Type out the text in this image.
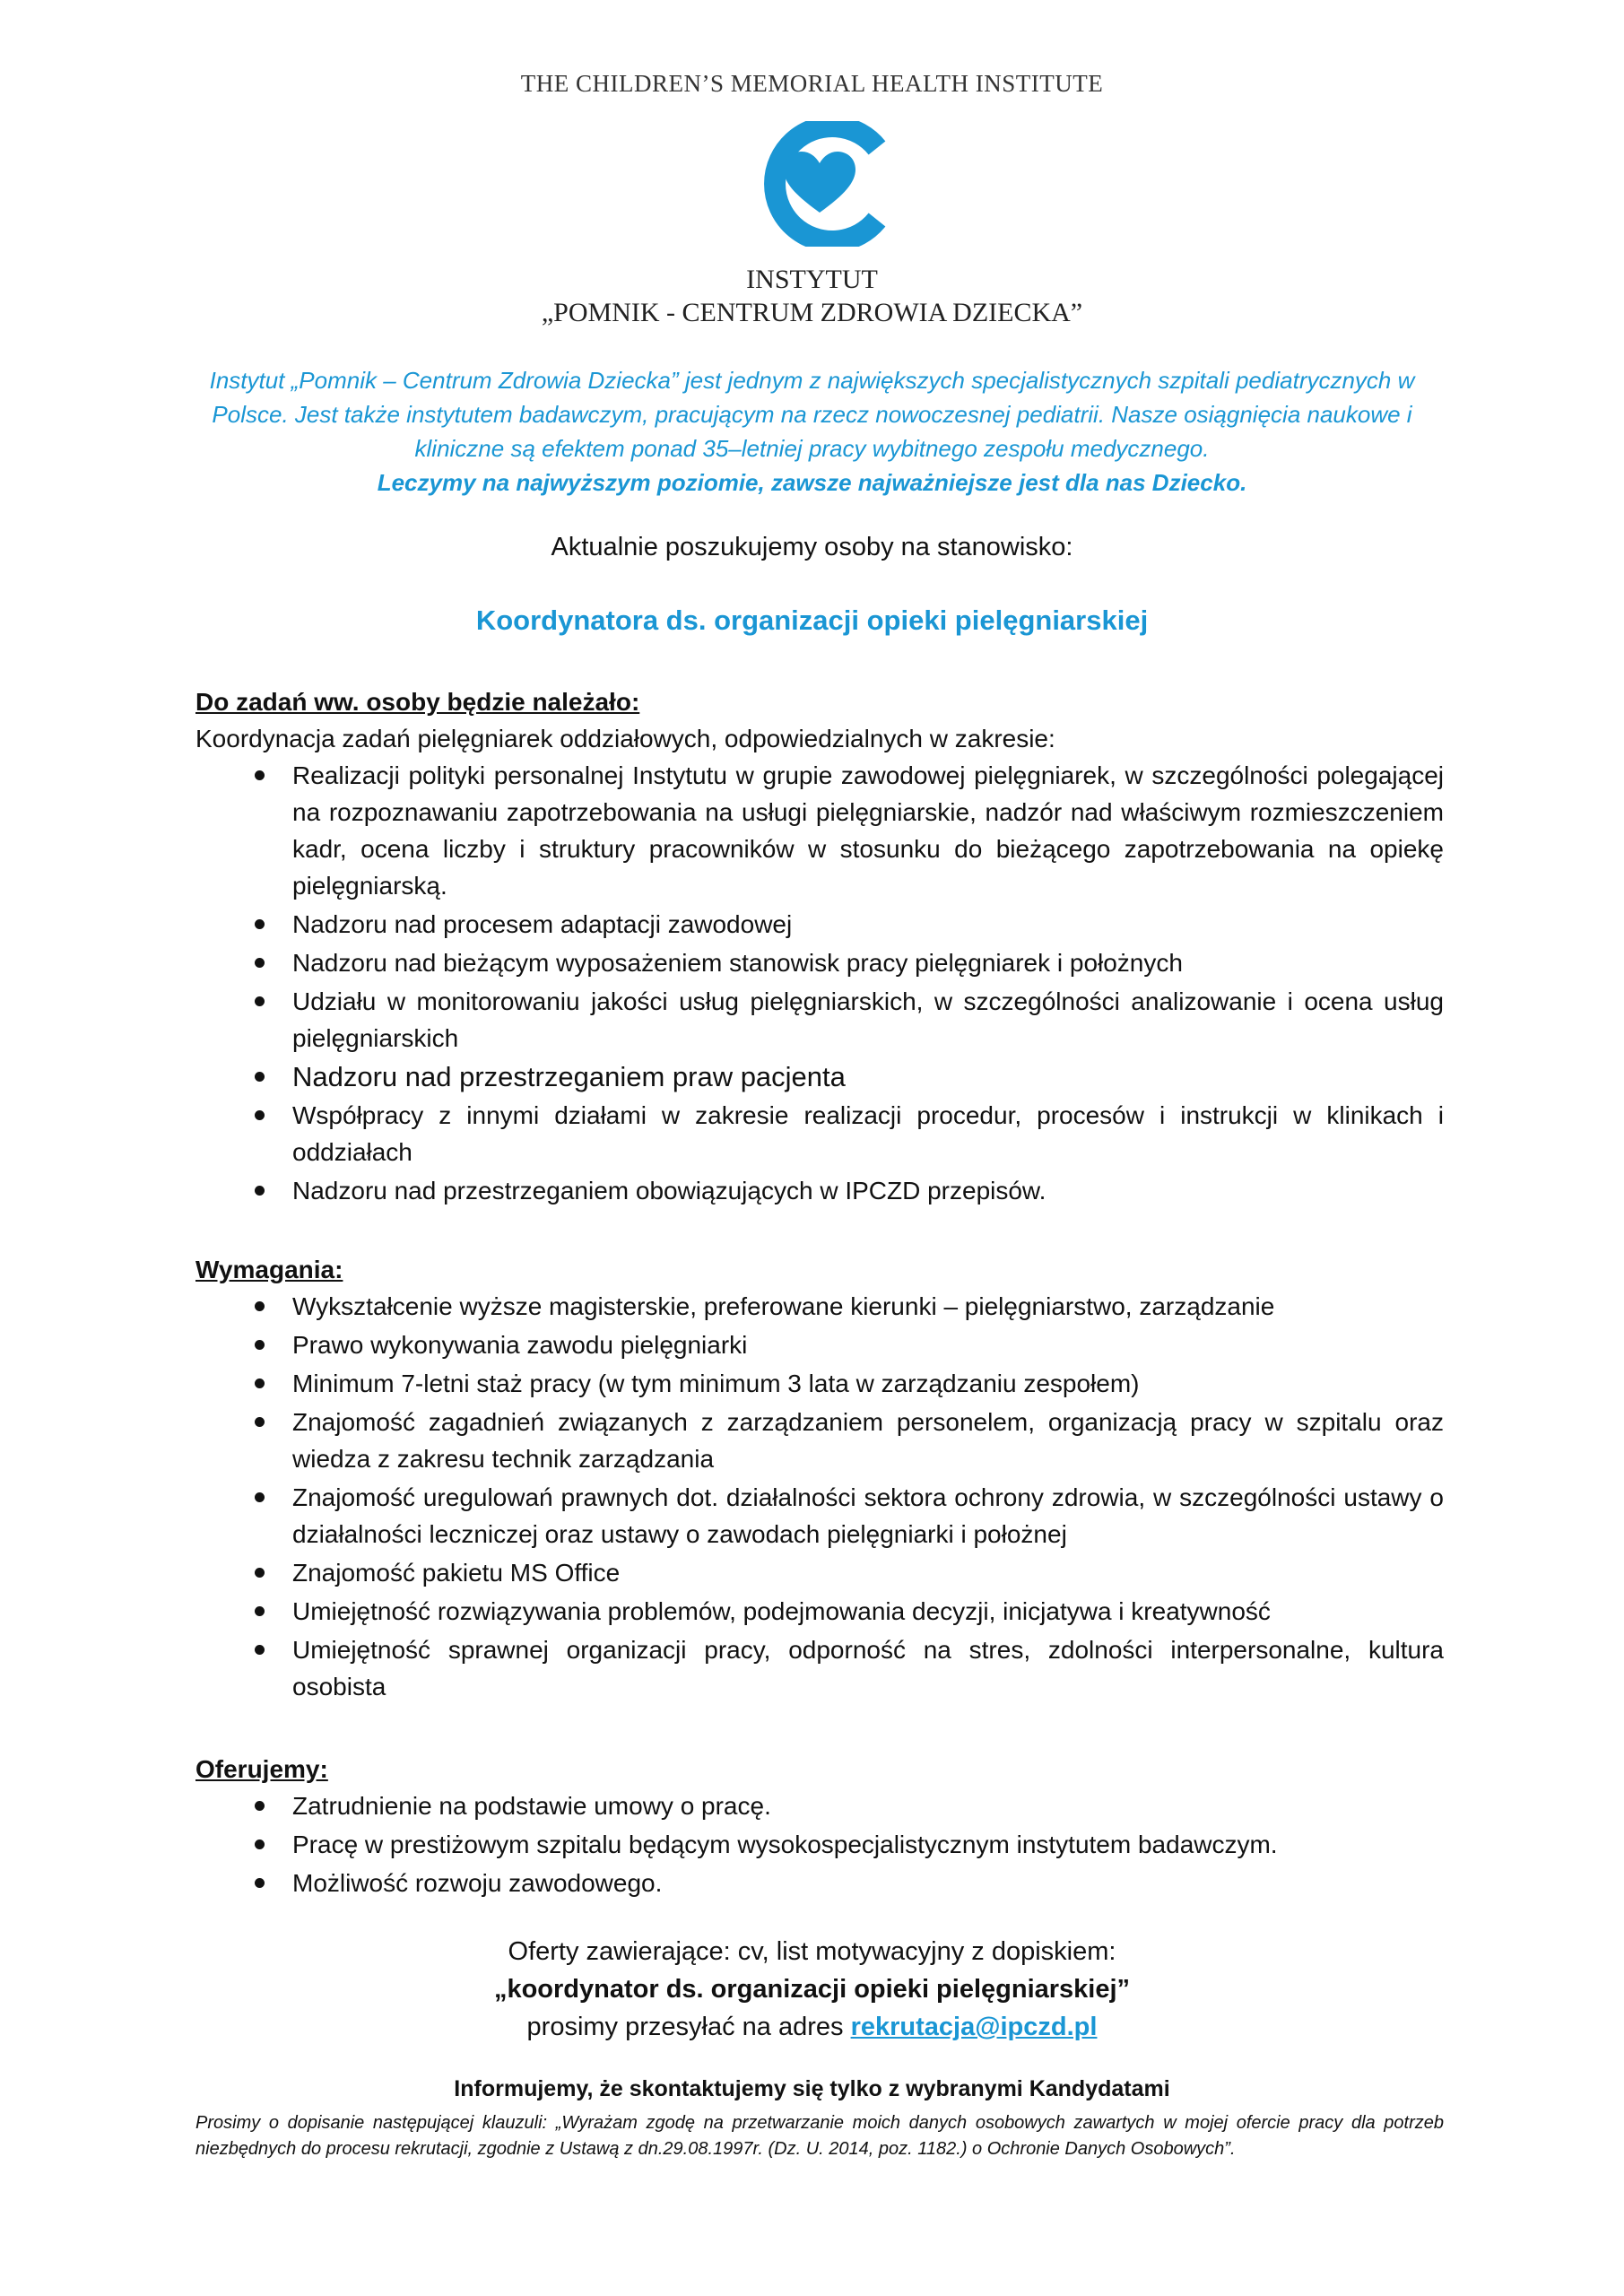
THE CHILDREN’S MEMORIAL HEALTH INSTITUTE
INSTYTUT
„POMNIK - CENTRUM ZDROWIA DZIECKA”

Instytut „Pomnik – Centrum Zdrowia Dziecka” jest jednym z największych specjalistycznych szpitali pediatrycznych w Polsce. Jest także instytutem badawczym, pracującym na rzecz nowoczesnej pediatrii. Nasze osiągnięcia naukowe i kliniczne są efektem ponad 35–letniej pracy wybitnego zespołu medycznego.

Leczymy na najwyższym poziomie, zawsze najważniejsze jest dla nas Dziecko.

Aktualnie poszukujemy osoby na stanowisko:
Koordynatora ds. organizacji opieki pielęgniarskiej

Do zadań ww. osoby będzie należało:

Koordynacja zadań pielęgniarek oddziałowych, odpowiedzialnych w zakresie:

Realizacji polityki personalnej Instytutu w grupie zawodowej pielęgniarek, w szczególności polegającej na rozpoznawaniu zapotrzebowania na usługi pielęgniarskie, nadzór nad właściwym rozmieszczeniem kadr, ocena liczby i struktury pracowników w stosunku do bieżącego zapotrzebowania na opiekę pielęgniarską.
Nadzoru nad procesem adaptacji zawodowej
Nadzoru nad bieżącym wyposażeniem stanowisk pracy pielęgniarek i położnych
Udziału w monitorowaniu jakości usług pielęgniarskich, w szczególności analizowanie i ocena usług pielęgniarskich
Nadzoru nad przestrzeganiem praw pacjenta
Współpracy z innymi działami w zakresie realizacji procedur, procesów i instrukcji w klinikach i oddziałach
Nadzoru nad przestrzeganiem obowiązujących w IPCZD przepisów.

Wymagania:

Wykształcenie wyższe magisterskie, preferowane kierunki – pielęgniarstwo, zarządzanie
Prawo wykonywania zawodu pielęgniarki
Minimum 7-letni staż pracy (w tym minimum 3 lata w zarządzaniu zespołem)
Znajomość zagadnień związanych z zarządzaniem personelem, organizacją pracy w szpitalu oraz wiedza z zakresu technik zarządzania
Znajomość uregulowań prawnych dot. działalności sektora ochrony zdrowia, w szczególności ustawy o działalności leczniczej oraz ustawy o zawodach pielęgniarki i położnej
Znajomość pakietu MS Office
Umiejętność rozwiązywania problemów, podejmowania decyzji, inicjatywa i kreatywność
Umiejętność sprawnej organizacji pracy, odporność na stres, zdolności interpersonalne, kultura osobista

Oferujemy:

Zatrudnienie na podstawie umowy o pracę.
Pracę w prestiżowym szpitalu będącym wysokospecjalistycznym instytutem badawczym.
Możliwość rozwoju zawodowego.

Oferty zawierające: cv, list motywacyjny z dopiskiem:

„koordynator ds. organizacji opieki pielęgniarskiej”

prosimy przesyłać na adres rekrutacja@ipczd.pl

Informujemy, że skontaktujemy się tylko z wybranymi Kandydatami
Prosimy o dopisanie następującej klauzuli: „Wyrażam zgodę na przetwarzanie moich danych osobowych zawartych w mojej ofercie pracy dla potrzeb niezbędnych do procesu rekrutacji, zgodnie z Ustawą z dn.29.08.1997r. (Dz. U. 2014, poz. 1182.) o Ochronie Danych Osobowych”.
